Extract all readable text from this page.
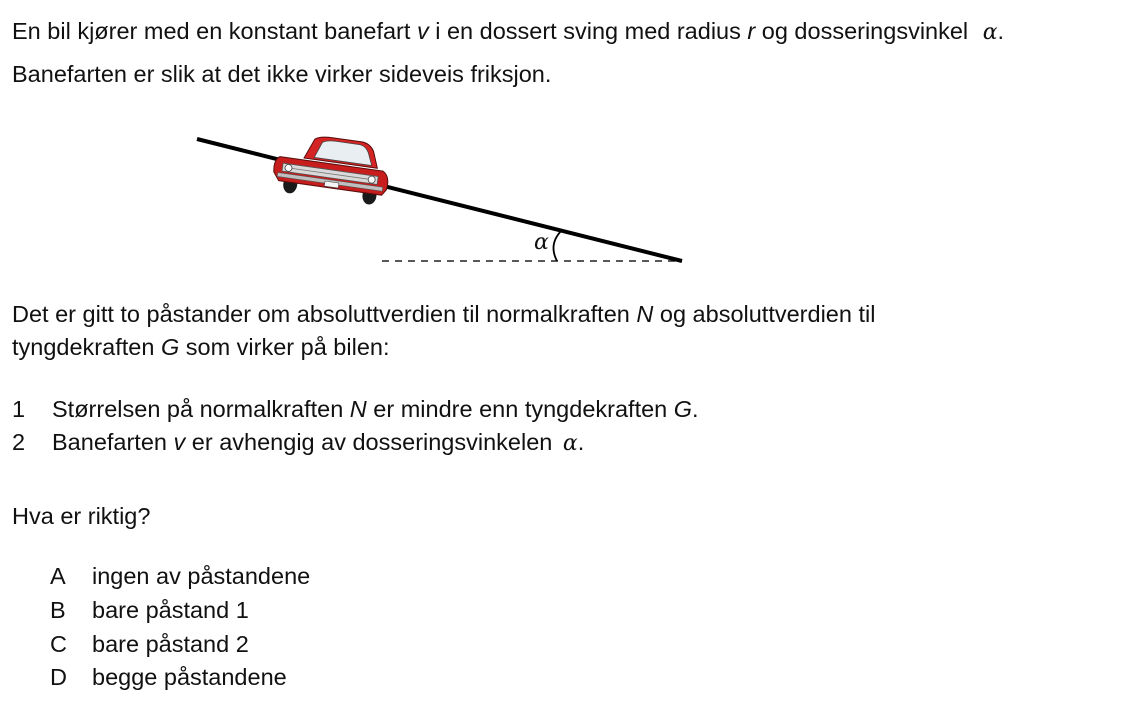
En bil kjører med en konstant banefart v i en dossert sving med radius r og dosseringsvinkel α.
Banefarten er slik at det ikke virker sideveis friksjon.
α
Det er gitt to påstander om absoluttverdien til normalkraften N og absoluttverdien til
tyngdekraften G som virker på bilen:
1 Størrelsen på normalkraften N er mindre enn tyngdekraften G.
2 Banefarten v er avhengig av dosseringsvinkelen α.
Hva er riktig?
A ingen av påstandene
B bare påstand 1
C bare påstand 2
D begge påstandene
